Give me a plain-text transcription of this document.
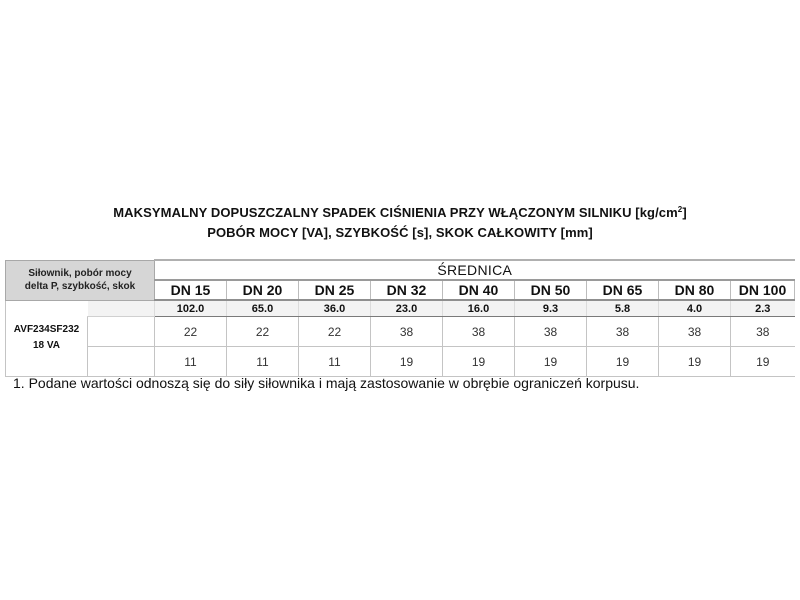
MAKSYMALNY DOPUSZCZALNY SPADEK CIŚNIENIA PRZY WŁĄCZONYM SILNIKU $[kg/cm^2]$
POBÓR MOCY [VA], SZYBKOŚĆ [s], SKOK CAŁKOWITY [mm]
Siłownik, pobór mocy
delta P, szybkość, skok		ŚREDNICA								
		DN 15	DN 20	DN 25	DN 32	DN 40	DN 50	DN 65	DN 80	DN 100
AVF234SF232
18 VA		102.0	65.0	36.0	23.0	16.0	9.3	5.8	4.0	2.3
		22	22	22	38	38	38	38	38	38
		11	11	11	19	19	19	19	19	19
1. Podane wartości odnoszą się do siły siłownika i mają zastosowanie w obrębie ograniczeń korpusu.
